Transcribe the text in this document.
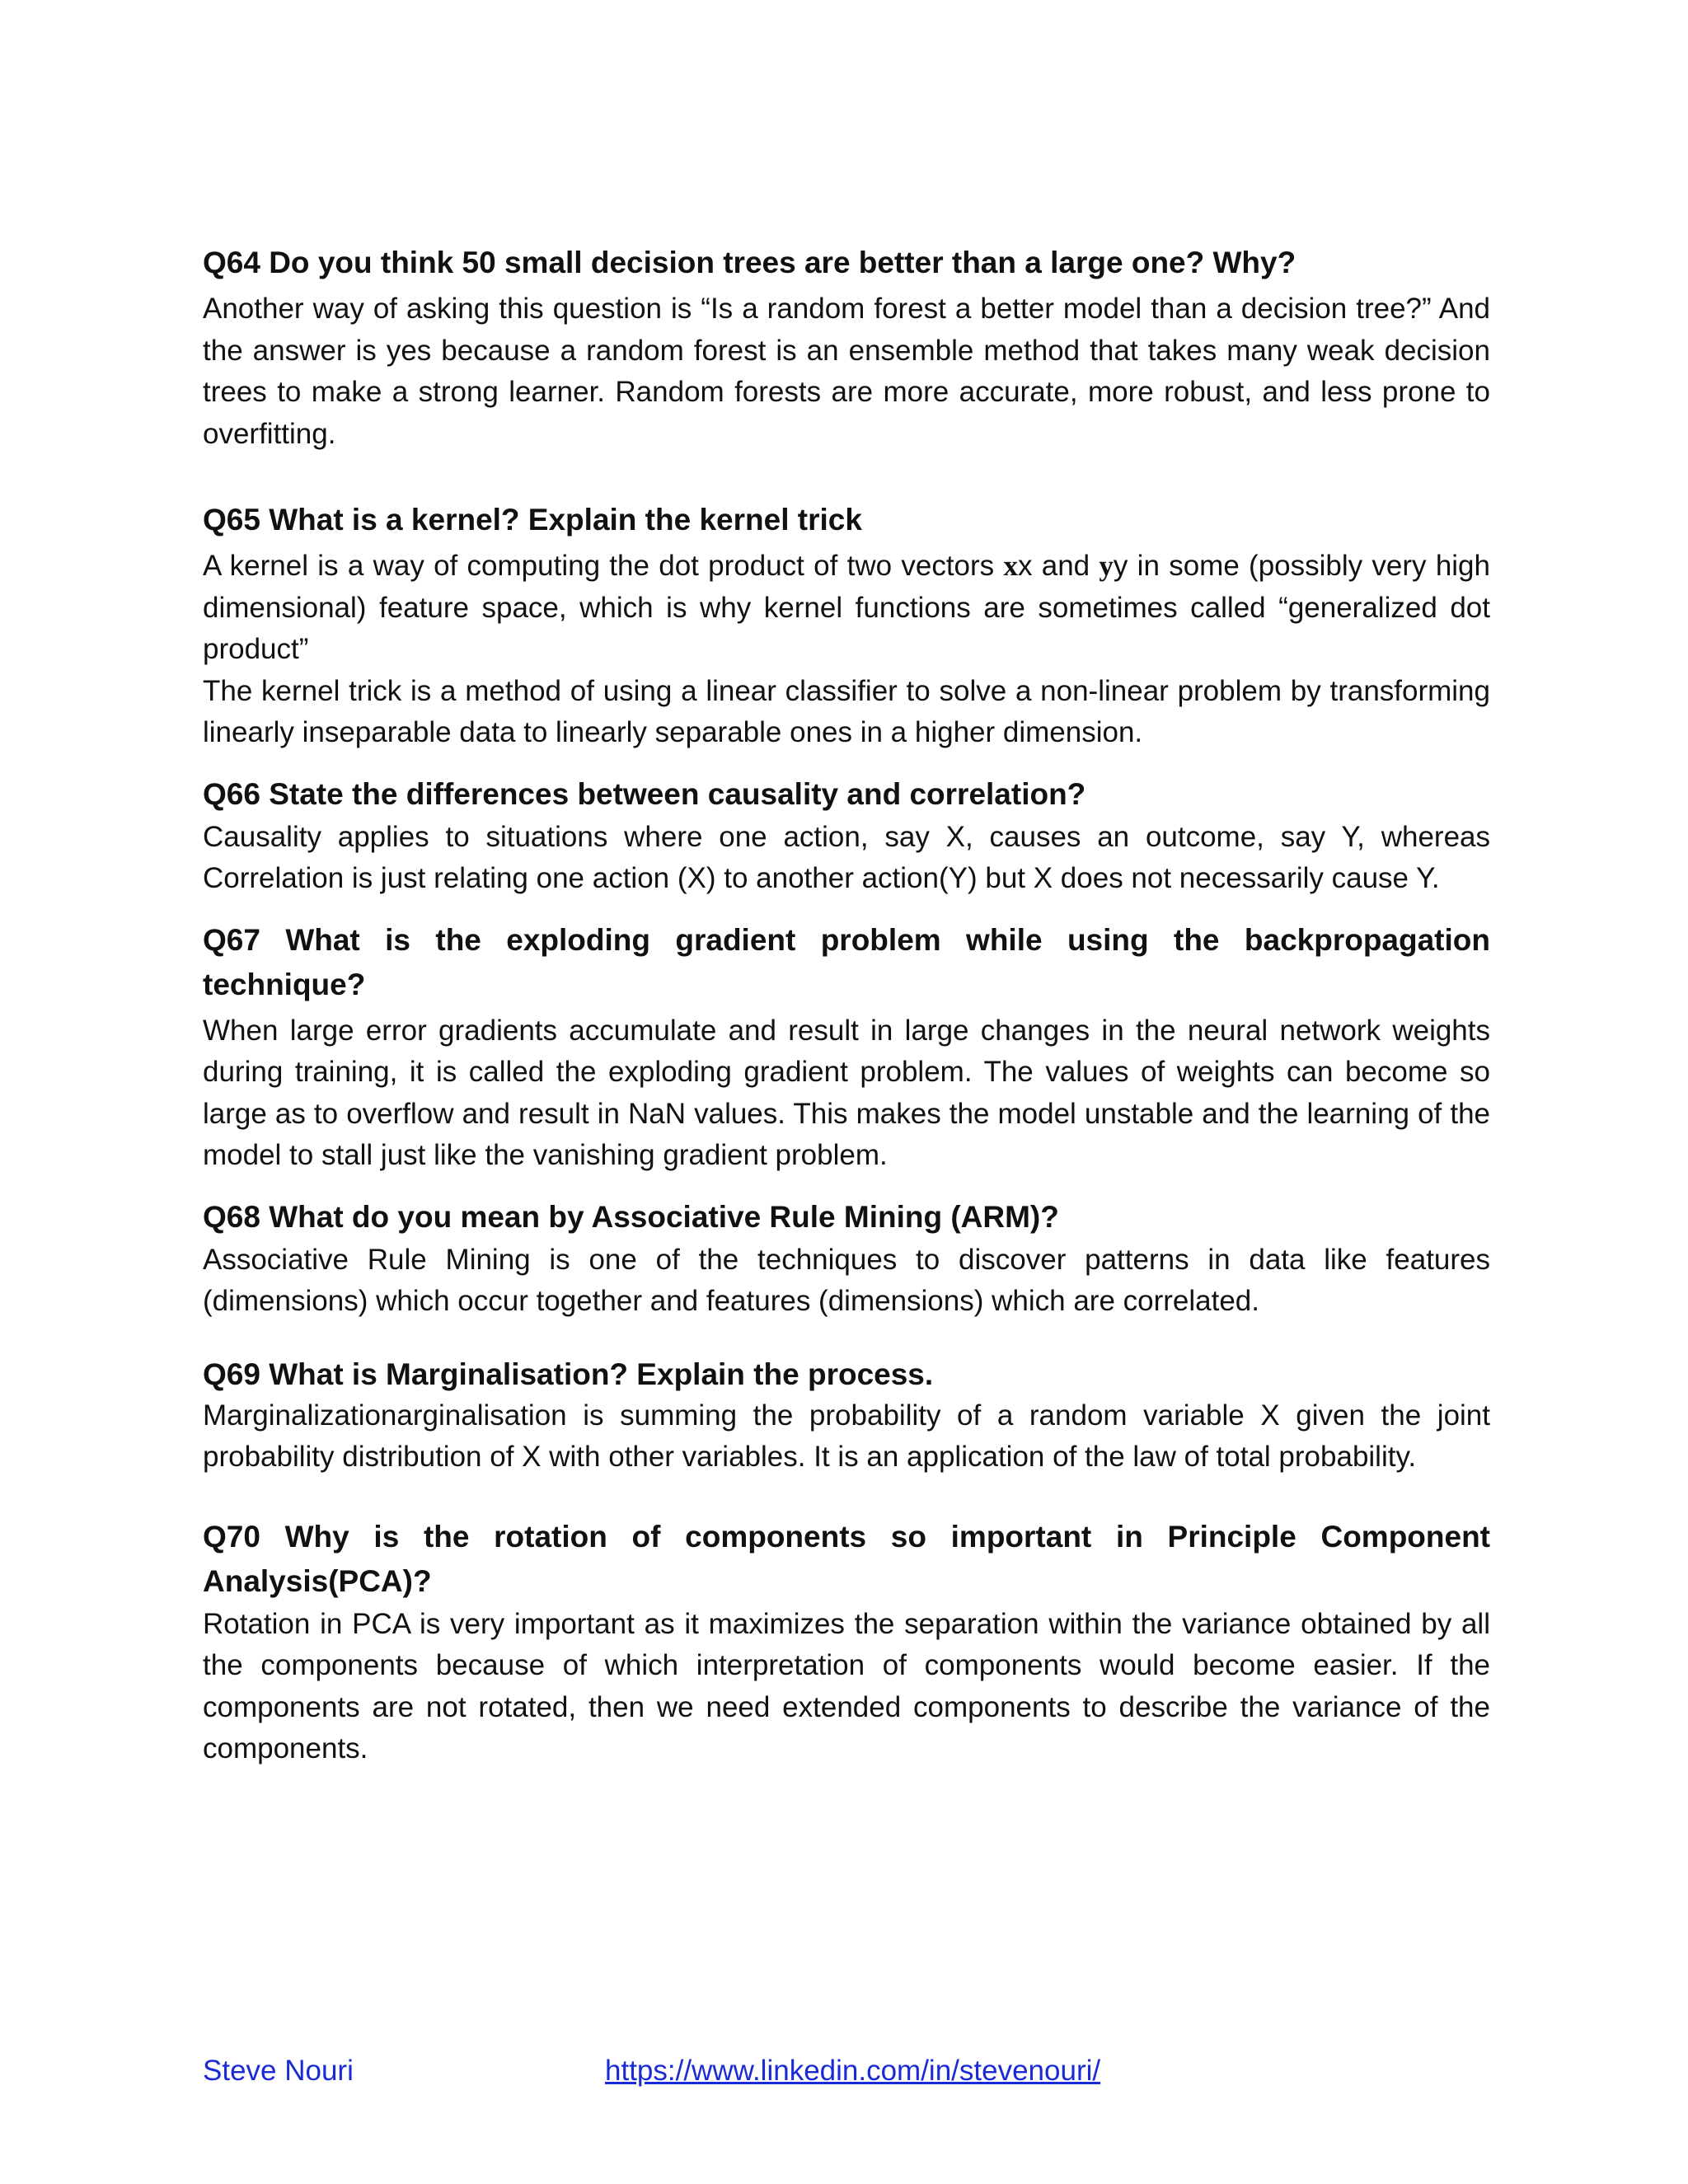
Q64 Do you think 50 small decision trees are better than a large one? Why?

Another way of asking this question is “Is a random forest a better model than a decision tree?” And the answer is yes because a random forest is an ensemble method that takes many weak decision trees to make a strong learner. Random forests are more accurate, more robust, and less prone to overfitting.

Q65 What is a kernel? Explain the kernel trick

A kernel is a way of computing the dot product of two vectors xx and yy in some (possibly very high dimensional) feature space, which is why kernel functions are sometimes called “generalized dot product”

The kernel trick is a method of using a linear classifier to solve a non-linear problem by transforming linearly inseparable data to linearly separable ones in a higher dimension.

Q66 State the differences between causality and correlation?

Causality applies to situations where one action, say X, causes an outcome, say Y, whereas Correlation is just relating one action (X) to another action(Y) but X does not necessarily cause Y.

Q67 What is the exploding gradient problem while using the backpropagation technique?

When large error gradients accumulate and result in large changes in the neural network weights during training, it is called the exploding gradient problem. The values of weights can become so large as to overflow and result in NaN values. This makes the model unstable and the learning of the model to stall just like the vanishing gradient problem.

Q68 What do you mean by Associative Rule Mining (ARM)?

Associative Rule Mining is one of the techniques to discover patterns in data like features (dimensions) which occur together and features (dimensions) which are correlated.

Q69 What is Marginalisation? Explain the process.

Marginalizationarginalisation is summing the probability of a random variable X given the joint probability distribution of X with other variables. It is an application of the law of total probability.

Q70 Why is the rotation of components so important in Principle Component Analysis(PCA)?

Rotation in PCA is very important as it maximizes the separation within the variance obtained by all the components because of which interpretation of components would become easier. If the components are not rotated, then we need extended components to describe the variance of the components.

Steve Nouri	https://www.linkedin.com/in/stevenouri/
